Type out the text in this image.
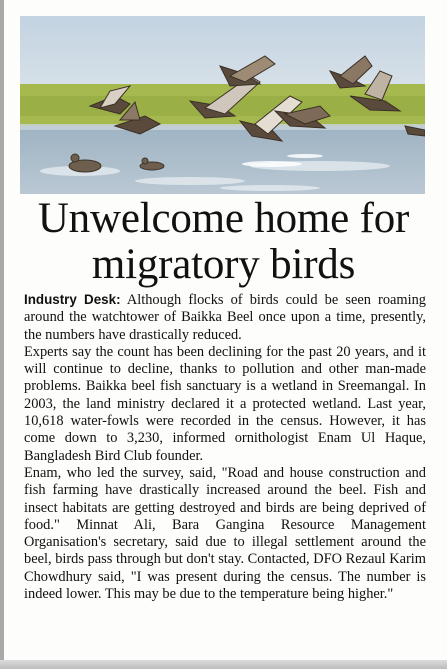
Unwelcome home for
migratory birds

Industry Desk: Although flocks of birds could be seen roaming around the watchtower of Baikka Beel once upon a time, presently, the numbers have drastically reduced.

Experts say the count has been declining for the past 20 years, and it will continue to decline, thanks to pollution and other man-made problems. Baikka beel fish sanctuary is a wetland in Sreemangal. In 2003, the land ministry declared it a protected wetland. Last year, 10,618 water-fowls were recorded in the census. However, it has come down to 3,230, informed ornithologist Enam Ul Haque, Bangladesh Bird Club founder.

Enam, who led the survey, said, "Road and house construction and fish farming have drastically increased around the beel. Fish and insect habitats are getting destroyed and birds are being deprived of food." Minnat Ali, Bara Gangina Resource Management Organisation's secretary, said due to illegal settlement around the beel, birds pass through but don't stay. Contacted, DFO Rezaul Karim Chowdhury said, "I was present during the census. The number is indeed lower. This may be due to the temperature being higher."
